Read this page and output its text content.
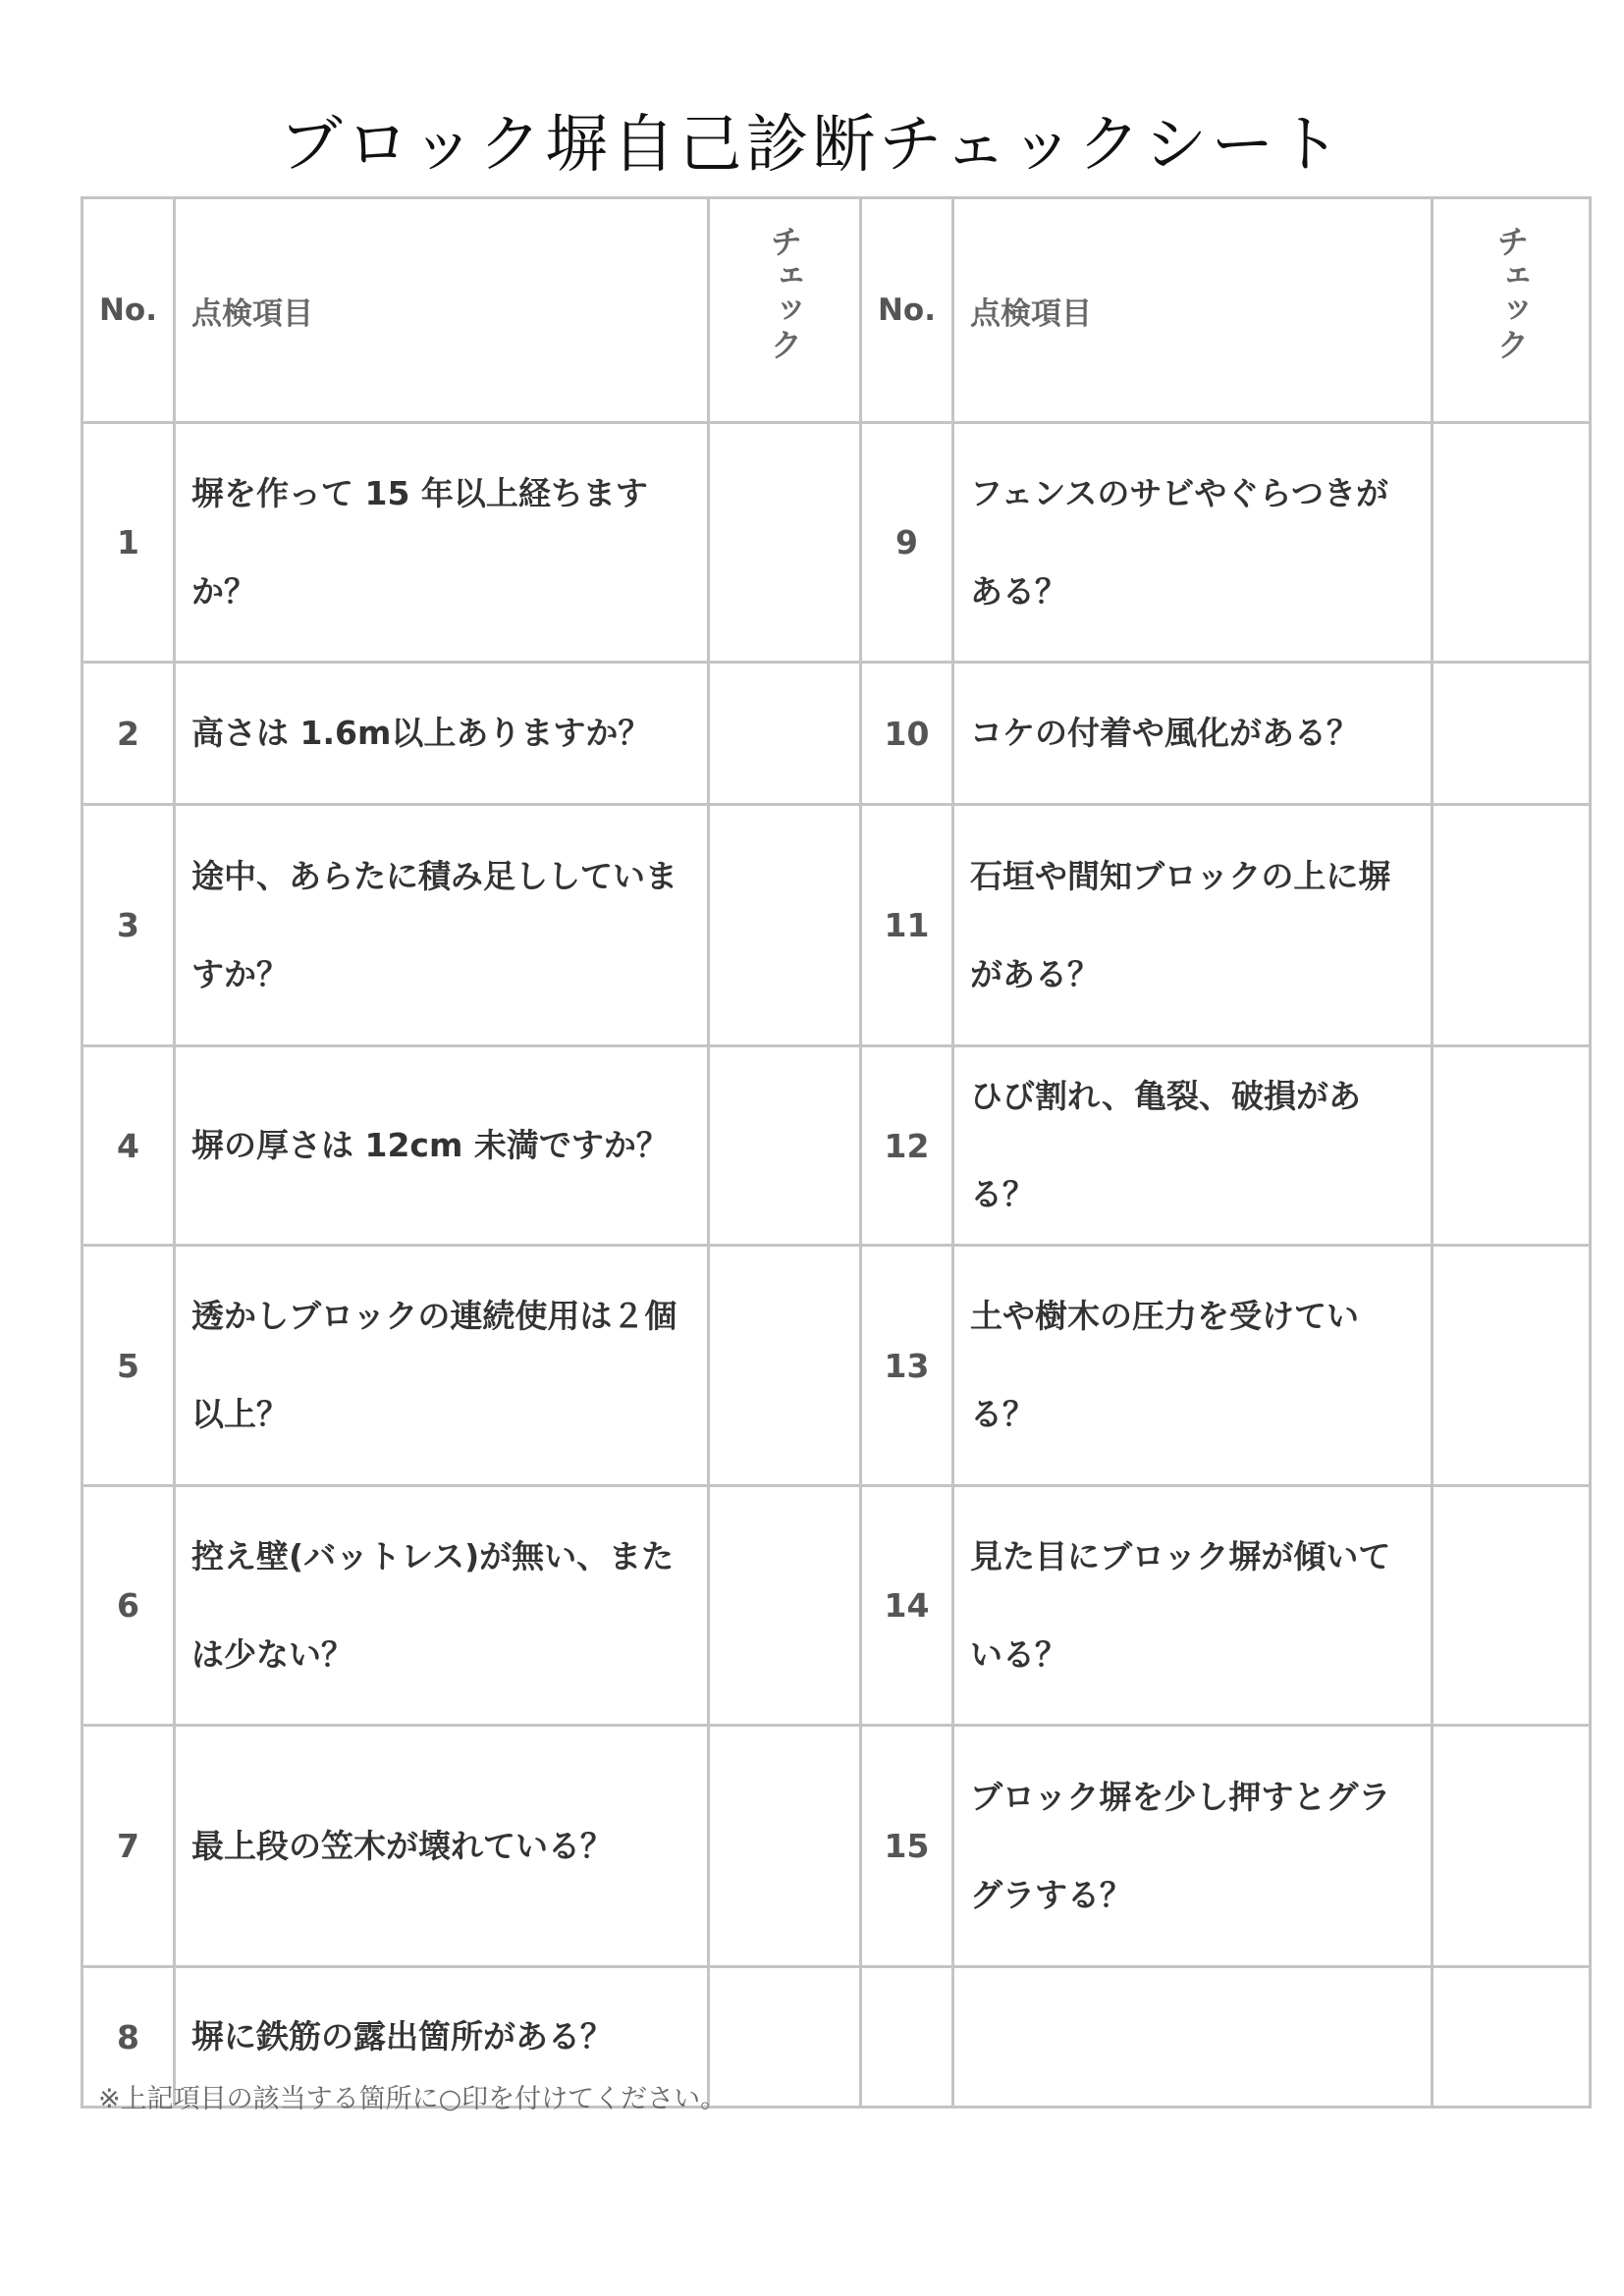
ブロック塀自己診断チェックシート
No.	点検項目	チェック	No.	点検項目	チェック
1	塀を作って 15 年以上経ちますか？		9	フェンスのサビやぐらつきがある？	
2	高さは 1.6m以上ありますか？		10	コケの付着や風化がある？	
3	途中、あらたに積み足ししていますか？		11	石垣や間知ブロックの上に塀がある？	
4	塀の厚さは 12cm 未満ですか？		12	ひび割れ、亀裂、破損がある？	
5	透かしブロックの連続使用は２個以上？		13	土や樹木の圧力を受けている？	
6	控え壁(バットレス)が無い、または少ない？		14	見た目にブロック塀が傾いている？	
7	最上段の笠木が壊れている？		15	ブロック塀を少し押すとグラグラする？	
8	塀に鉄筋の露出箇所がある？				
※上記項目の該当する箇所に○印を付けてください。
